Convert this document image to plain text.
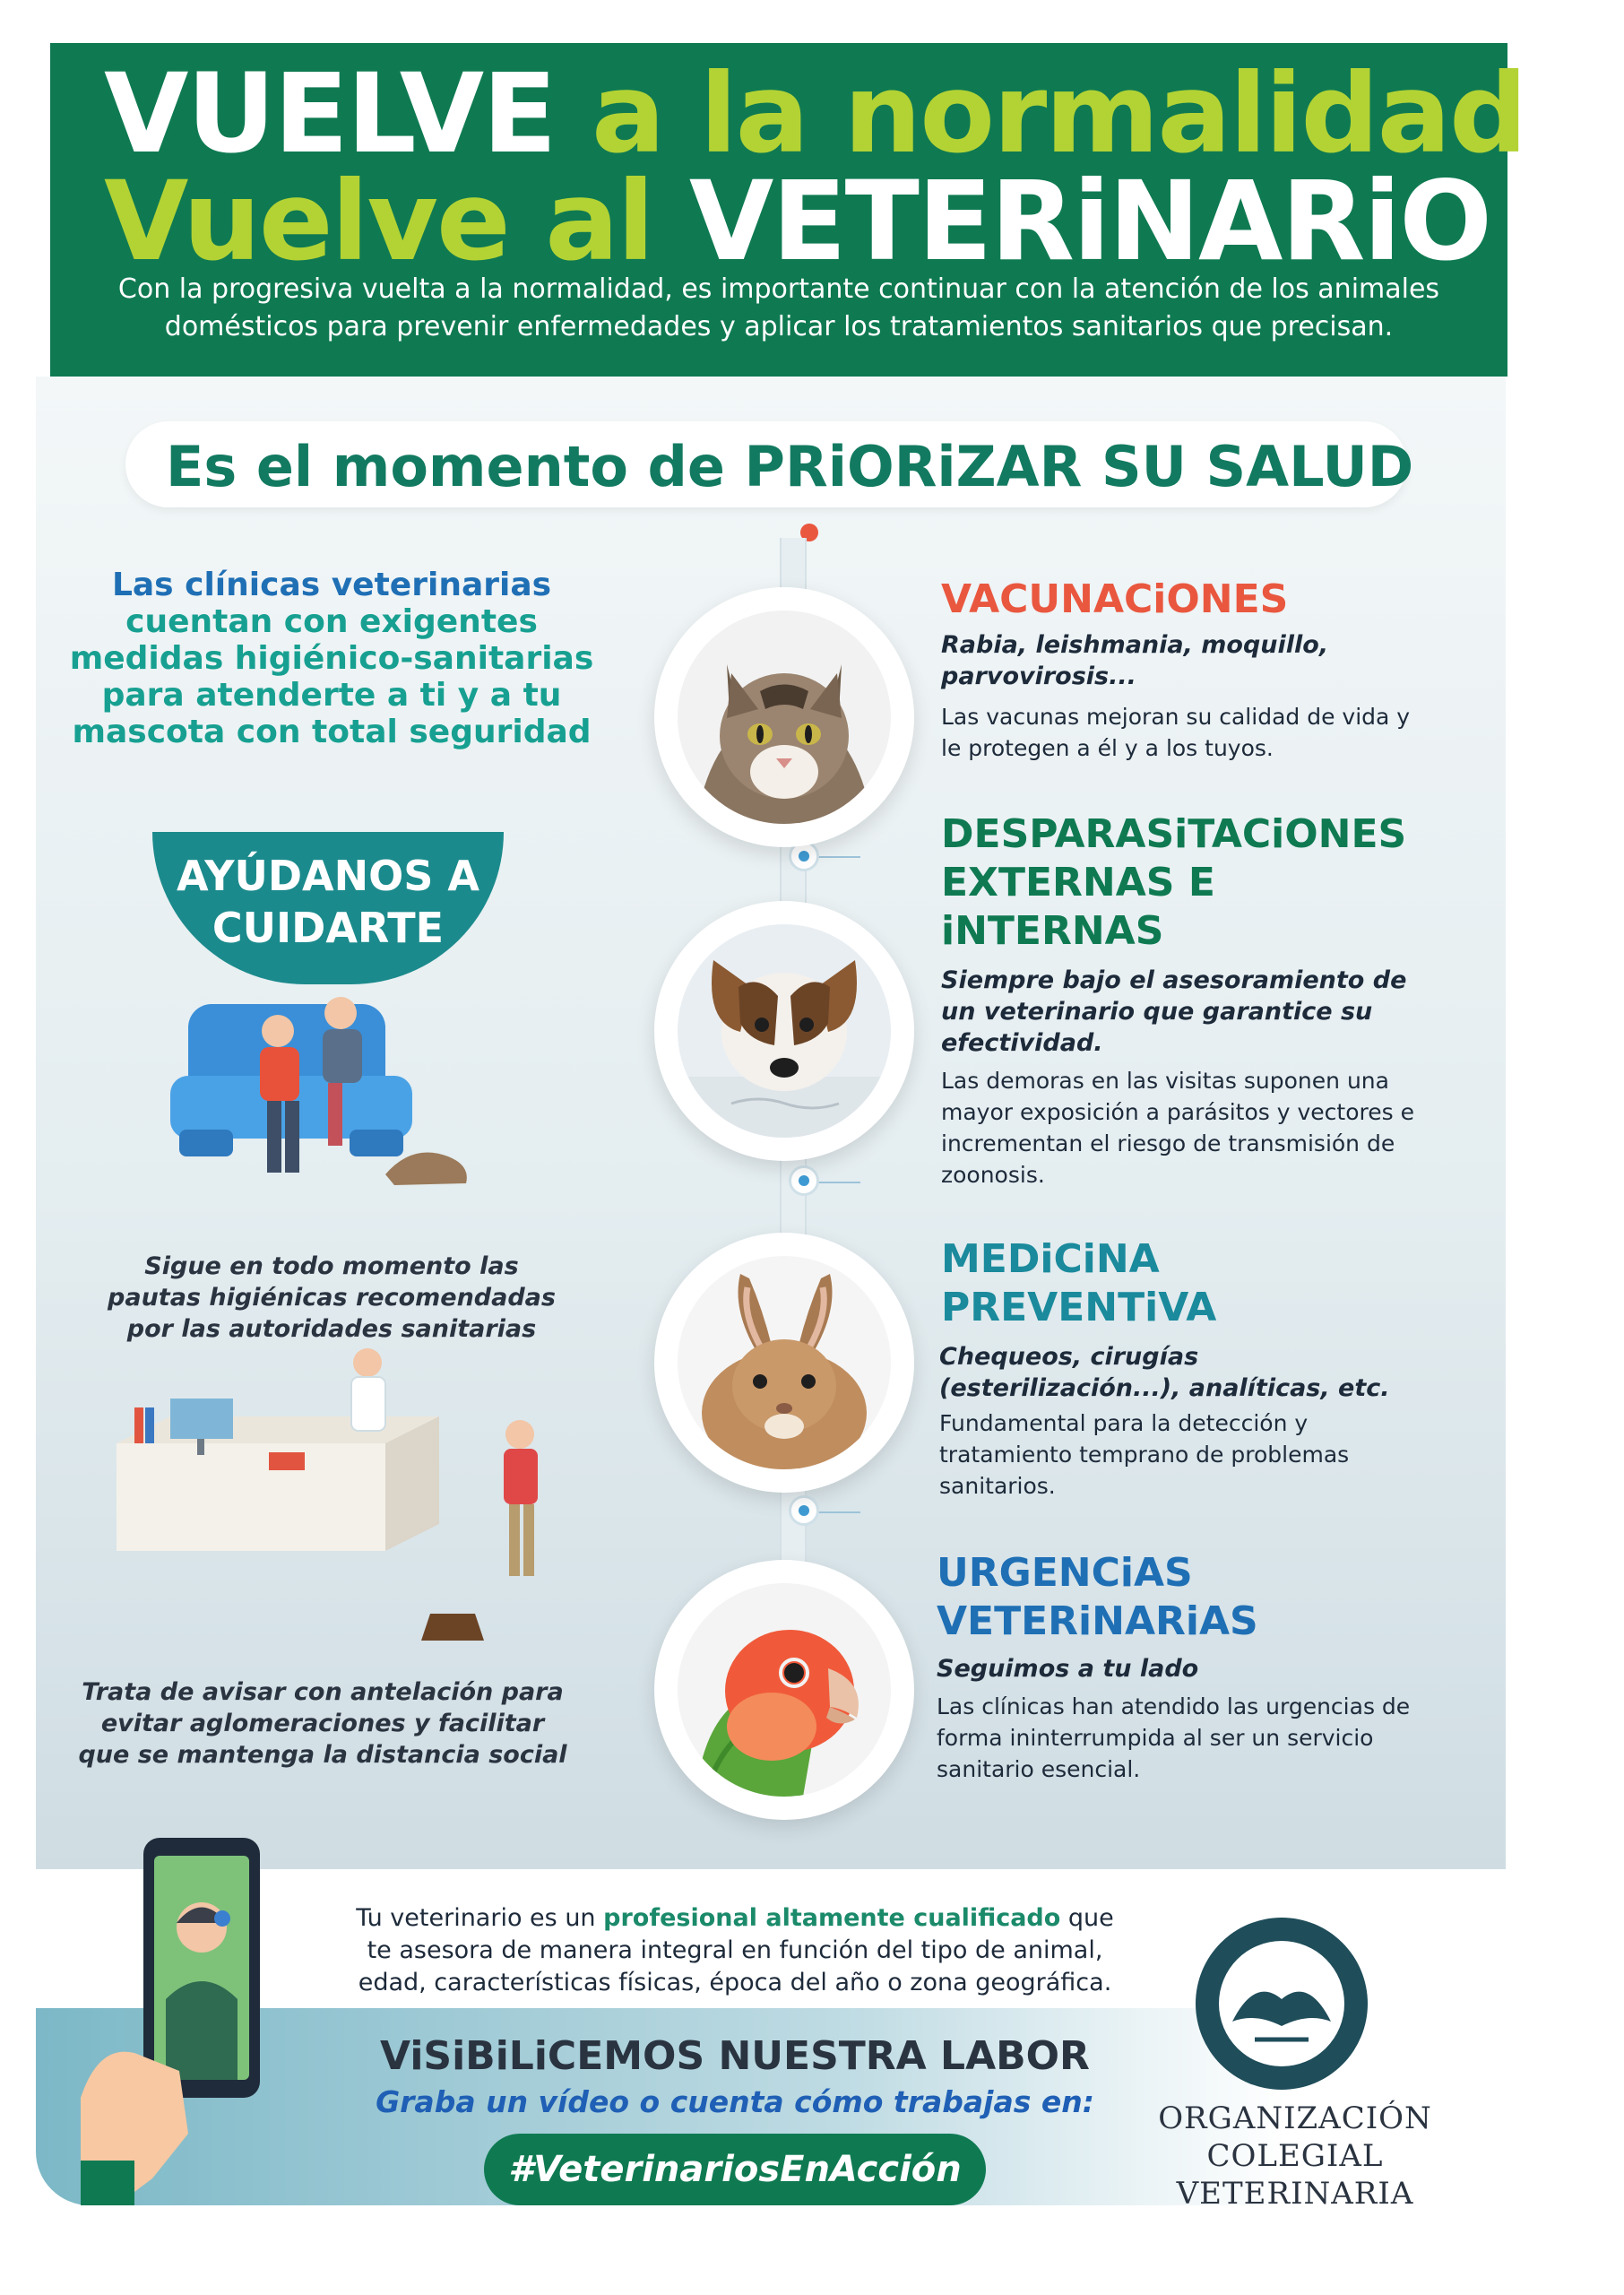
VUELVE a la normalidad
Vuelve al VETERiNARiO
Con la progresiva vuelta a la normalidad, es importante continuar con la atención de los animales domésticos para prevenir enfermedades y aplicar los tratamientos sanitarios que precisan.
Es el momento de PRiORiZAR SU SALUD
VACUNACiONES
Rabia, leishmania, moquillo, parvovirosis...
Las vacunas mejoran su calidad de vida y le protegen a él y a los tuyos.
DESPARASiTACiONES
EXTERNAS E
iNTERNAS
Siempre bajo el asesoramiento de un veterinario que garantice su efectividad.
Las demoras en las visitas suponen una mayor exposición a parásitos y vectores e incrementan el riesgo de transmisión de zoonosis.
MEDiCiNA
PREVENTiVA
Chequeos, cirugías (esterilización...), analíticas, etc.
Fundamental para la detección y tratamiento temprano de problemas sanitarios.
URGENCiAS
VETERiNARiAS
Seguimos a tu lado
Las clínicas han atendido las urgencias de forma ininterrumpida al ser un servicio sanitario esencial.
Las clínicas veterinarias cuentan con exigentes medidas higiénico-sanitarias para atenderte a ti y a tu mascota con total seguridad
AYÚDANOS A CUIDARTE
Sigue en todo momento las pautas higiénicas recomendadas por las autoridades sanitarias
Trata de avisar con antelación para evitar aglomeraciones y facilitar que se mantenga la distancia social
Tu veterinario es un profesional altamente cualificado que te asesora de manera integral en función del tipo de animal, edad, características físicas, época del año o zona geográfica.
ViSiBiLiCEMOS NUESTRA LABOR
Graba un vídeo o cuenta cómo trabajas en:
#VeterinariosEnAcción
ORGANIZACIÓN
COLEGIAL
VETERINARIA
